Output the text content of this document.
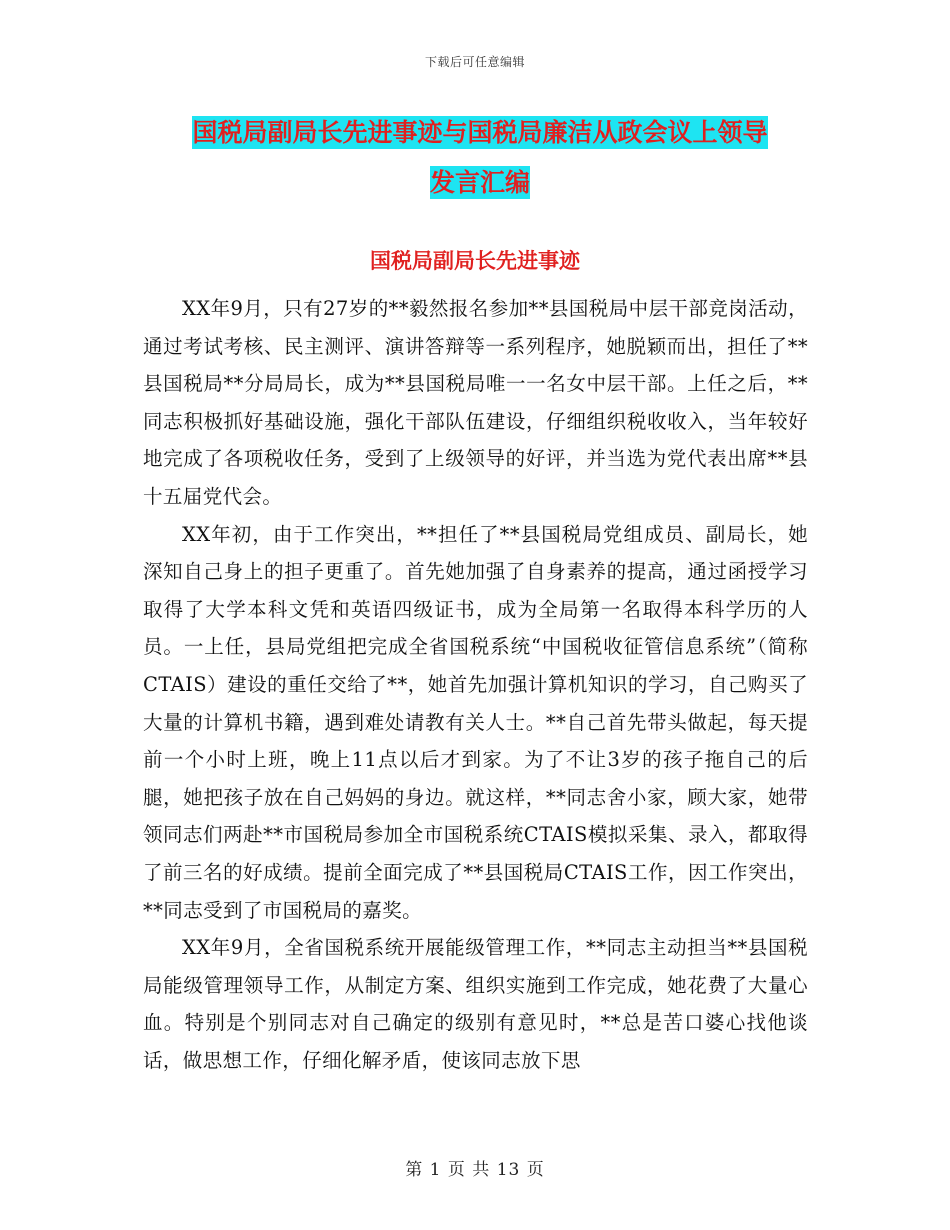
下载后可任意编辑
国税局副局长先进事迹与国税局廉洁从政会议上领导
发言汇编
国税局副局长先进事迹

XX年9月，只有27岁的**毅然报名参加**县国税局中层干部竞岗活动，通过考试考核、民主测评、演讲答辩等一系列程序，她脱颖而出，担任了**县国税局**分局局长，成为**县国税局唯一一名女中层干部。上任之后，**同志积极抓好基础设施，强化干部队伍建设，仔细组织税收收入，当年较好地完成了各项税收任务，受到了上级领导的好评，并当选为党代表出席**县十五届党代会。

XX年初，由于工作突出，**担任了**县国税局党组成员、副局长，她深知自己身上的担子更重了。首先她加强了自身素养的提高，通过函授学习取得了大学本科文凭和英语四级证书，成为全局第一名取得本科学历的人员。一上任，县局党组把完成全省国税系统“中国税收征管信息系统”（简称CTAIS）建设的重任交给了**，她首先加强计算机知识的学习，自己购买了大量的计算机书籍，遇到难处请教有关人士。**自己首先带头做起，每天提前一个小时上班，晚上11点以后才到家。为了不让3岁的孩子拖自己的后腿，她把孩子放在自己妈妈的身边。就这样，**同志舍小家，顾大家，她带领同志们两赴**市国税局参加全市国税系统CTAIS模拟采集、录入，都取得了前三名的好成绩。提前全面完成了**县国税局CTAIS工作，因工作突出，**同志受到了市国税局的嘉奖。

XX年9月，全省国税系统开展能级管理工作，**同志主动担当**县国税局能级管理领导工作，从制定方案、组织实施到工作完成，她花费了大量心血。特别是个别同志对自己确定的级别有意见时，**总是苦口婆心找他谈话，做思想工作，仔细化解矛盾，使该同志放下思

第 1 页 共 13 页
